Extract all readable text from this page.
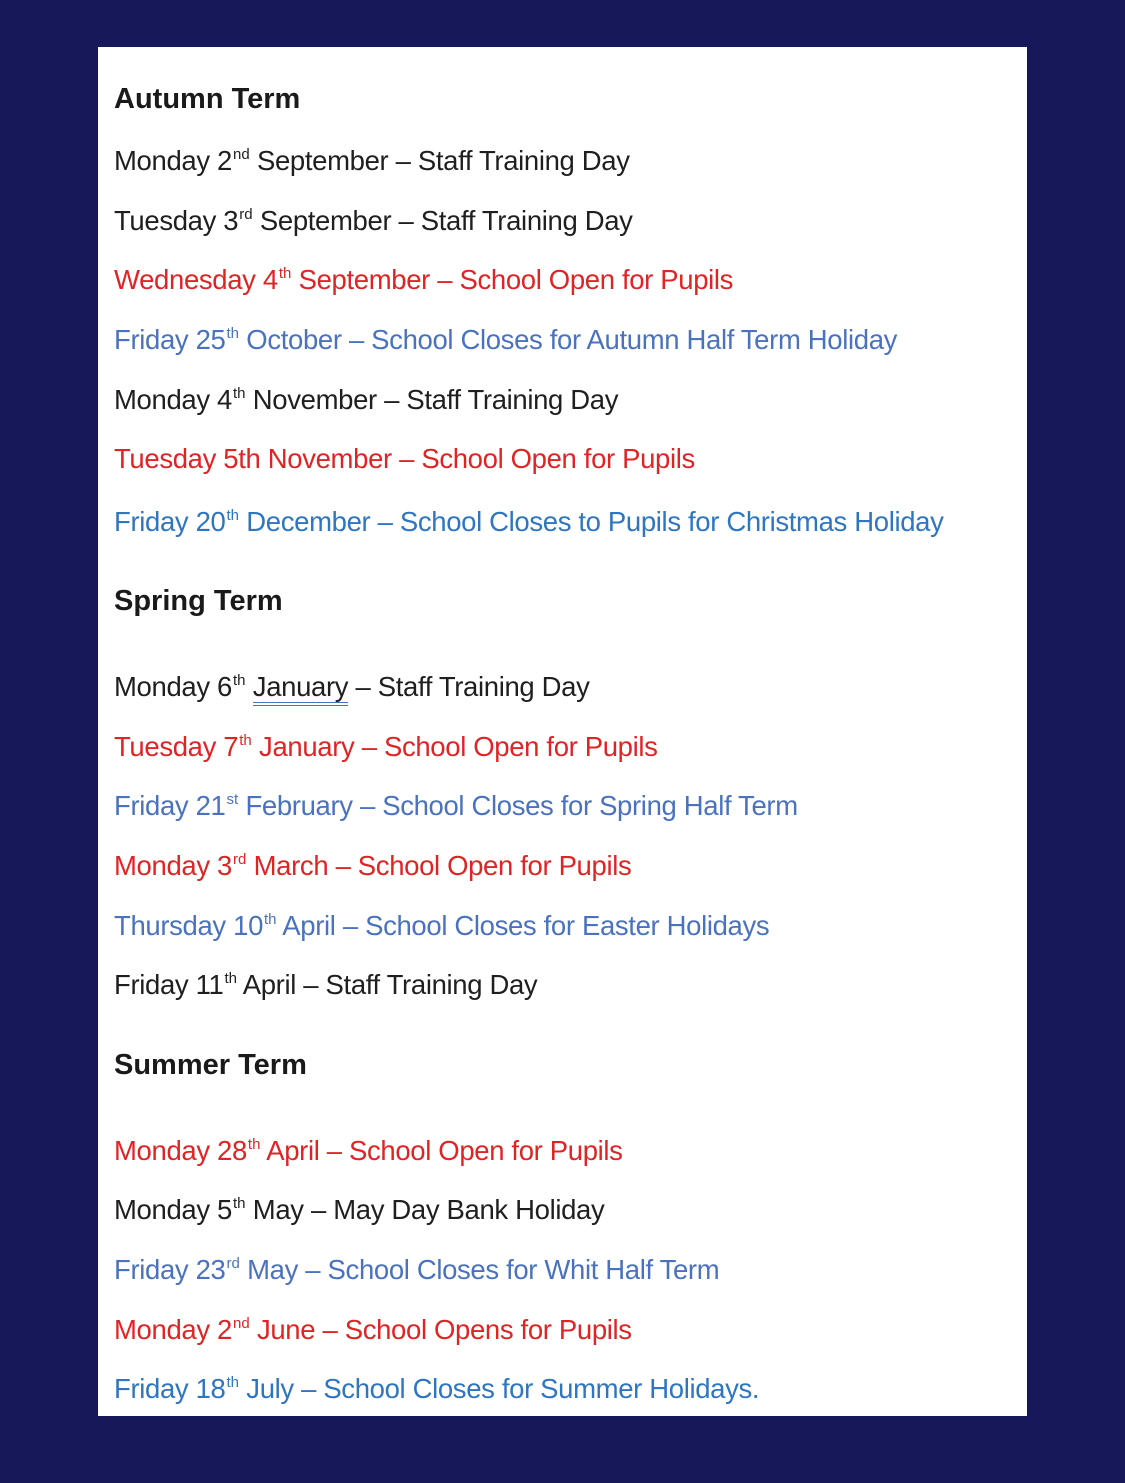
Autumn Term
Monday 2nd September – Staff Training Day
Tuesday 3rd September – Staff Training Day
Wednesday 4th September – School Open for Pupils
Friday 25th October – School Closes for Autumn Half Term Holiday
Monday 4th November – Staff Training Day
Tuesday 5th November – School Open for Pupils
Friday 20th December – School Closes to Pupils for Christmas Holiday
Spring Term
Monday 6th January – Staff Training Day
Tuesday 7th January – School Open for Pupils
Friday 21st February – School Closes for Spring Half Term
Monday 3rd March – School Open for Pupils
Thursday 10th April – School Closes for Easter Holidays
Friday 11th April – Staff Training Day
Summer Term
Monday 28th April – School Open for Pupils
Monday 5th May – May Day Bank Holiday
Friday 23rd May – School Closes for Whit Half Term
Monday 2nd June – School Opens for Pupils
Friday 18th July – School Closes for Summer Holidays.
